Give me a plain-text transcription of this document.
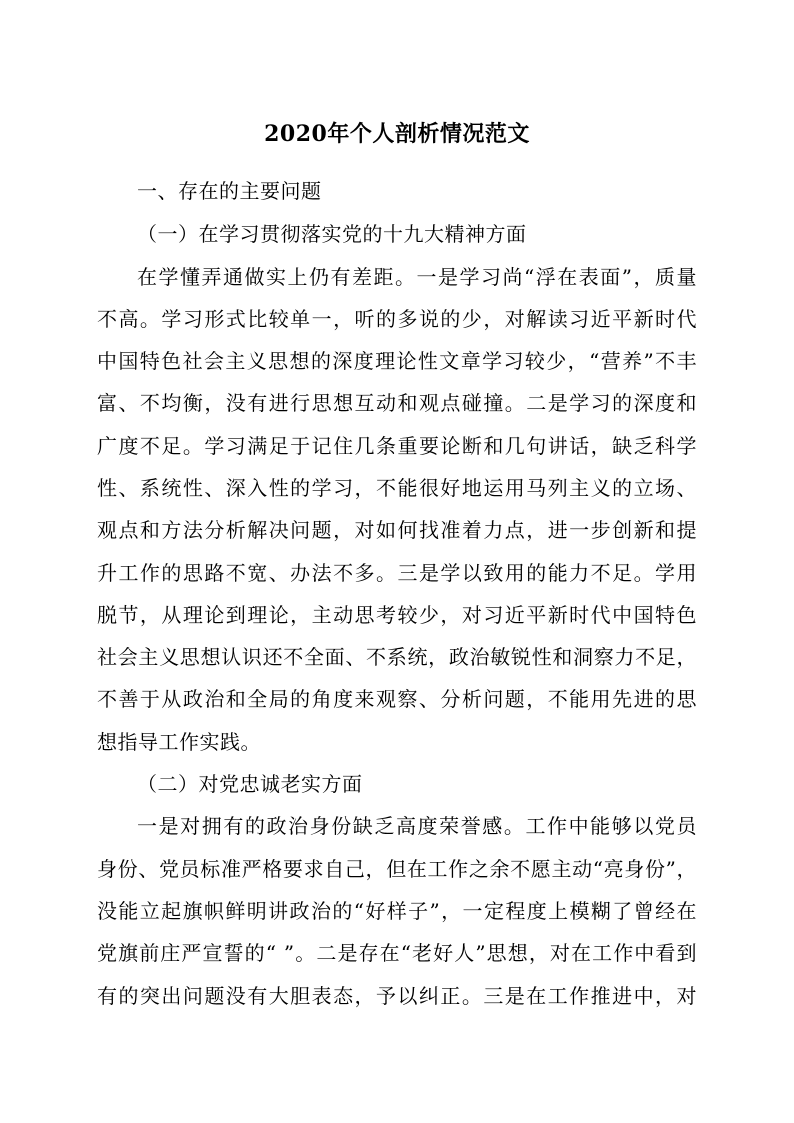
2020年个人剖析情况范文

一、存在的主要问题

（一）在学习贯彻落实党的十九大精神方面

在学懂弄通做实上仍有差距。一是学习尚“浮在表面”，质量

不高。学习形式比较单一，听的多说的少，对解读习近平新时代

中国特色社会主义思想的深度理论性文章学习较少，“营养”不丰

富、不均衡，没有进行思想互动和观点碰撞。二是学习的深度和

广度不足。学习满足于记住几条重要论断和几句讲话，缺乏科学

性、系统性、深入性的学习，不能很好地运用马列主义的立场、

观点和方法分析解决问题，对如何找准着力点，进一步创新和提

升工作的思路不宽、办法不多。三是学以致用的能力不足。学用

脱节，从理论到理论，主动思考较少，对习近平新时代中国特色

社会主义思想认识还不全面、不系统，政治敏锐性和洞察力不足，

不善于从政治和全局的角度来观察、分析问题，不能用先进的思

想指导工作实践。

（二）对党忠诚老实方面

一是对拥有的政治身份缺乏高度荣誉感。工作中能够以党员

身份、党员标准严格要求自己，但在工作之余不愿主动“亮身份”，

没能立起旗帜鲜明讲政治的“好样子”，一定程度上模糊了曾经在

党旗前庄严宣誓的“ ”。二是存在“老好人”思想，对在工作中看到

有的突出问题没有大胆表态，予以纠正。三是在工作推进中，对
